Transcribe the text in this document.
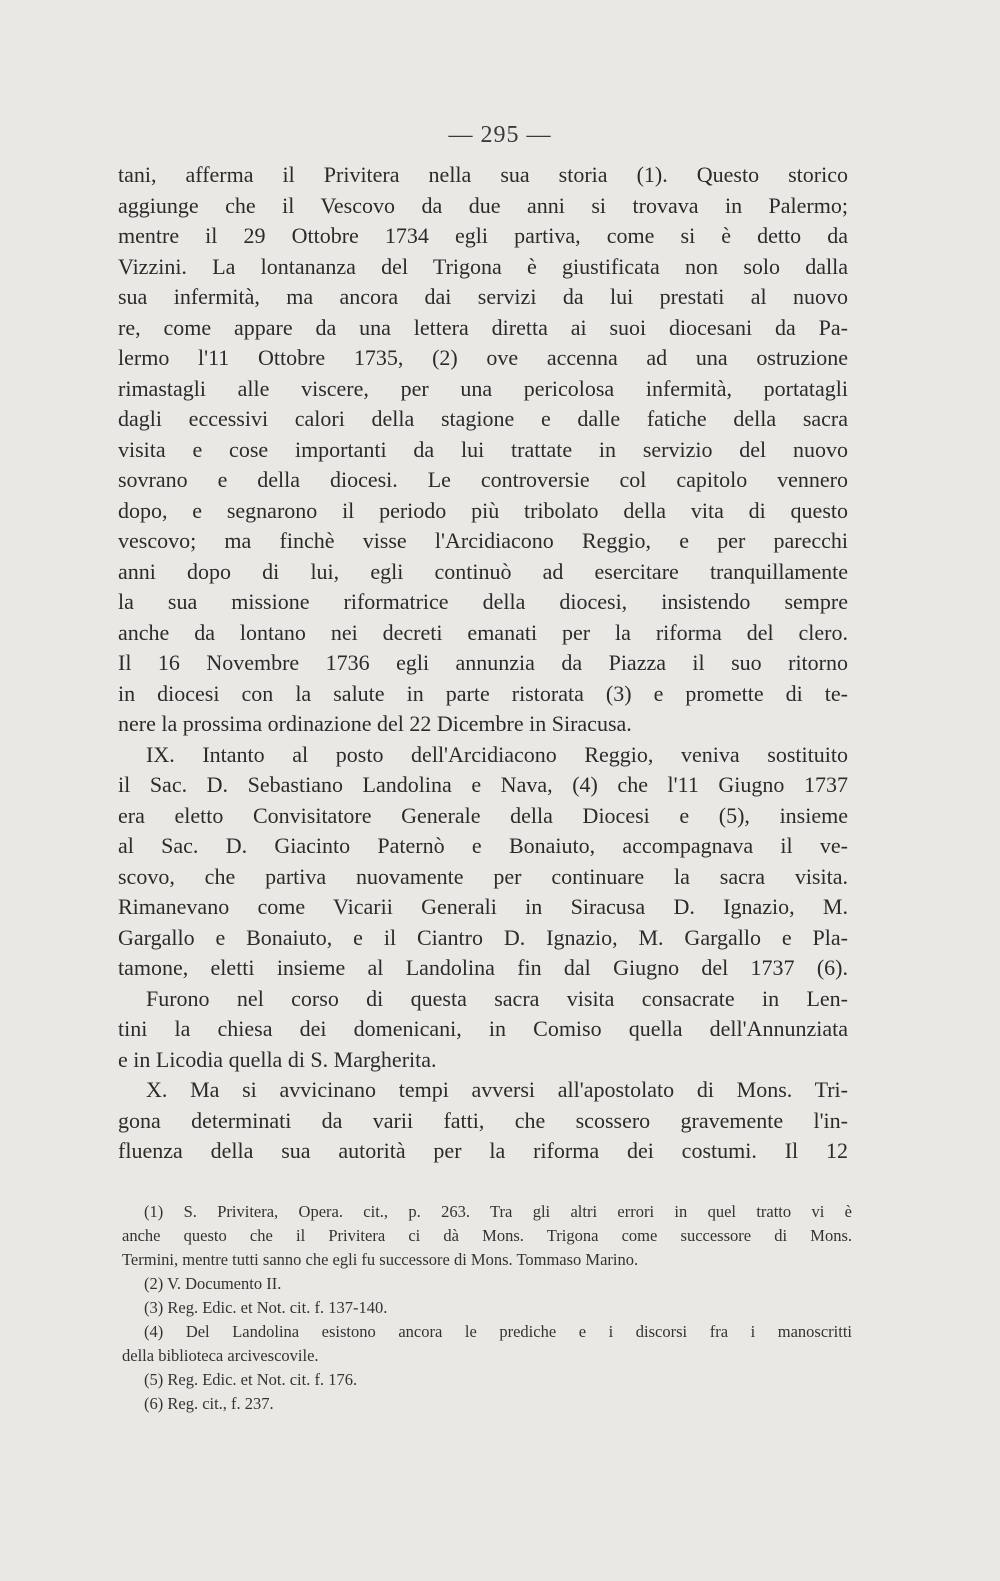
— 295 —
tani, afferma il Privitera nella sua storia (1). Questo storico
aggiunge che il Vescovo da due anni si trovava in Palermo;
mentre il 29 Ottobre 1734 egli partiva, come si è detto da
Vizzini. La lontananza del Trigona è giustificata non solo dalla
sua infermità, ma ancora dai servizi da lui prestati al nuovo
re, come appare da una lettera diretta ai suoi diocesani da Pa-
lermo l'11 Ottobre 1735, (2) ove accenna ad una ostruzione
rimastagli alle viscere, per una pericolosa infermità, portatagli
dagli eccessivi calori della stagione e dalle fatiche della sacra
visita e cose importanti da lui trattate in servizio del nuovo
sovrano e della diocesi. Le controversie col capitolo vennero
dopo, e segnarono il periodo più tribolato della vita di questo
vescovo; ma finchè visse l'Arcidiacono Reggio, e per parecchi
anni dopo di lui, egli continuò ad esercitare tranquillamente
la sua missione riformatrice della diocesi, insistendo sempre
anche da lontano nei decreti emanati per la riforma del clero.
Il 16 Novembre 1736 egli annunzia da Piazza il suo ritorno
in diocesi con la salute in parte ristorata (3) e promette di te-
nere la prossima ordinazione del 22 Dicembre in Siracusa.
IX. Intanto al posto dell'Arcidiacono Reggio, veniva sostituito
il Sac. D. Sebastiano Landolina e Nava, (4) che l'11 Giugno 1737
era eletto Convisitatore Generale della Diocesi e (5), insieme
al Sac. D. Giacinto Paternò e Bonaiuto, accompagnava il ve-
scovo, che partiva nuovamente per continuare la sacra visita.
Rimanevano come Vicarii Generali in Siracusa D. Ignazio, M.
Gargallo e Bonaiuto, e il Ciantro D. Ignazio, M. Gargallo e Pla-
tamone, eletti insieme al Landolina fin dal Giugno del 1737 (6).
Furono nel corso di questa sacra visita consacrate in Len-
tini la chiesa dei domenicani, in Comiso quella dell'Annunziata
e in Licodia quella di S. Margherita.
X. Ma si avvicinano tempi avversi all'apostolato di Mons. Tri-
gona determinati da varii fatti, che scossero gravemente l'in-
fluenza della sua autorità per la riforma dei costumi. Il 12
(1) S. Privitera, Opera. cit., p. 263. Tra gli altri errori in quel tratto vi è
anche questo che il Privitera ci dà Mons. Trigona come successore di Mons.
Termini, mentre tutti sanno che egli fu successore di Mons. Tommaso Marino.
(2) V. Documento II.
(3) Reg. Edic. et Not. cit. f. 137-140.
(4) Del Landolina esistono ancora le prediche e i discorsi fra i manoscritti
della biblioteca arcivescovile.
(5) Reg. Edic. et Not. cit. f. 176.
(6) Reg. cit., f. 237.
